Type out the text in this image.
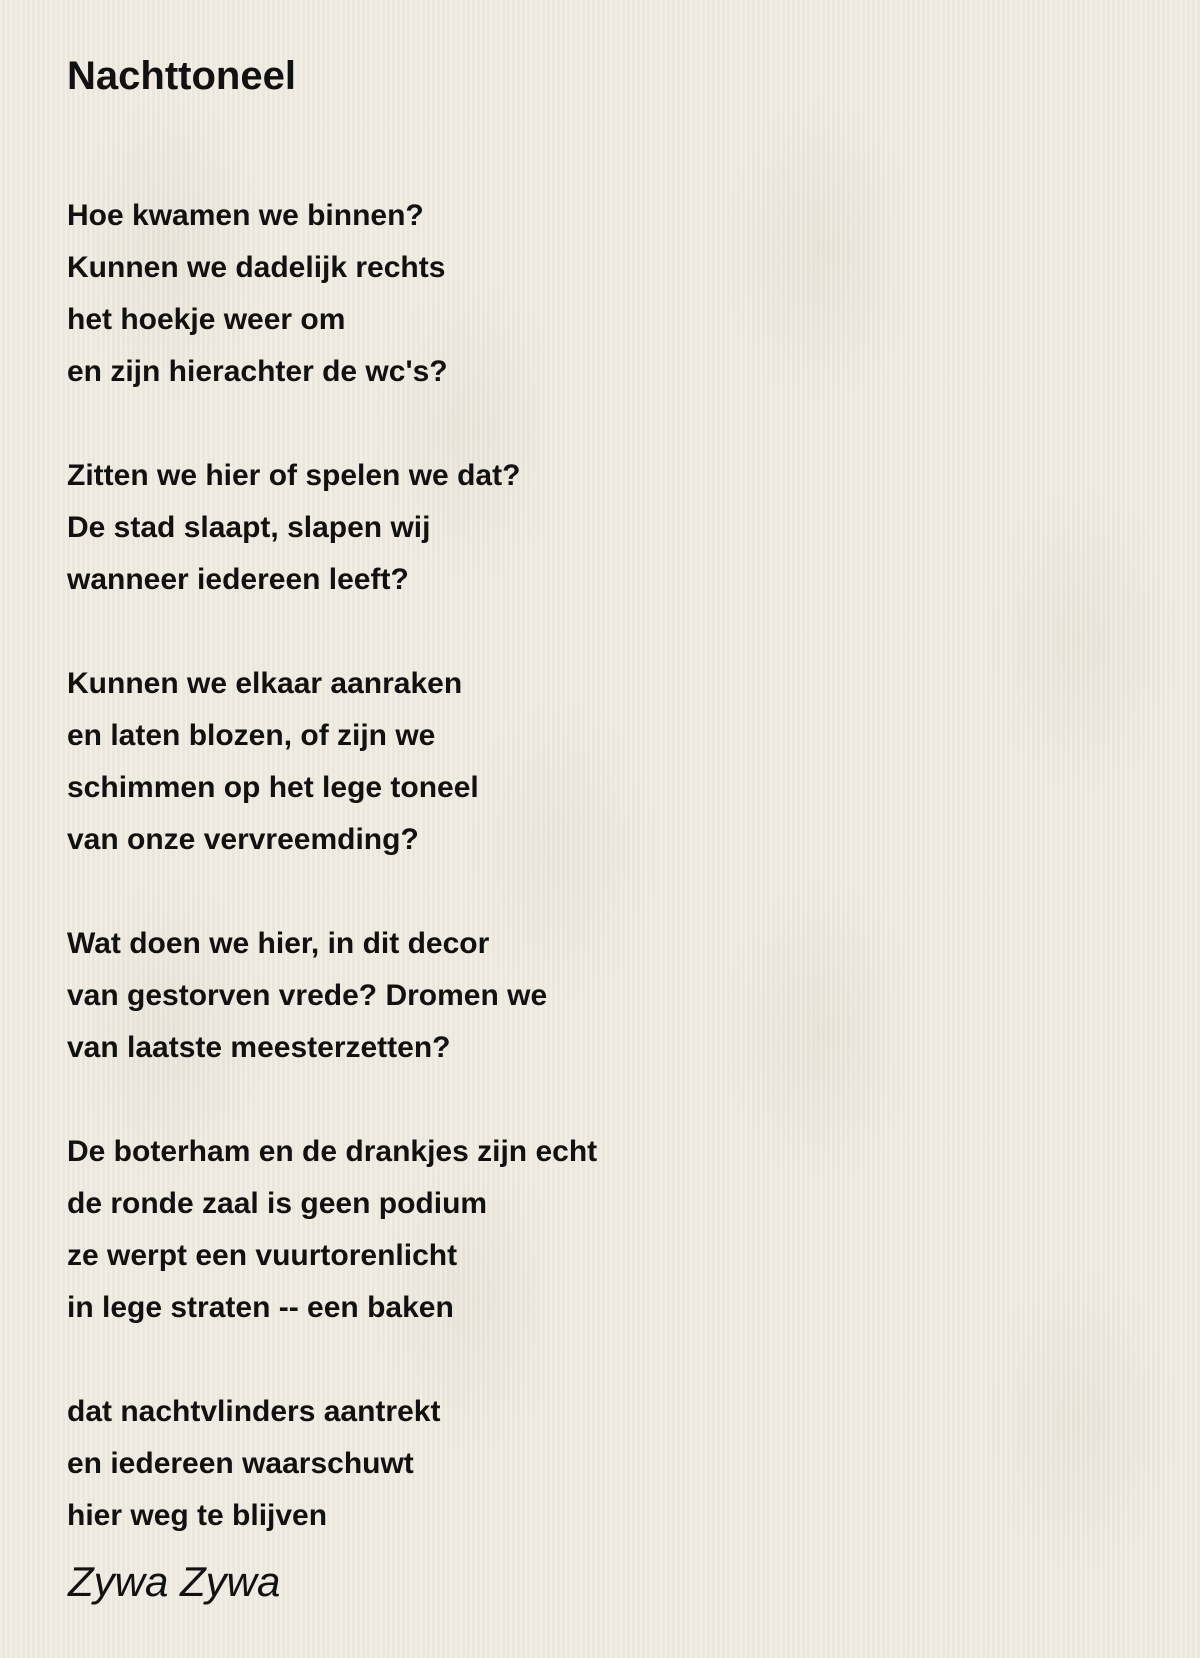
Nachttoneel

Hoe kwamen we binnen?
Kunnen we dadelijk rechts
het hoekje weer om
en zijn hierachter de wc's?

Zitten we hier of spelen we dat?
De stad slaapt, slapen wij
wanneer iedereen leeft?

Kunnen we elkaar aanraken
en laten blozen, of zijn we
schimmen op het lege toneel
van onze vervreemding?

Wat doen we hier, in dit decor
van gestorven vrede? Dromen we
van laatste meesterzetten?

De boterham en de drankjes zijn echt
de ronde zaal is geen podium
ze werpt een vuurtorenlicht
in lege straten -- een baken

dat nachtvlinders aantrekt
en iedereen waarschuwt
hier weg te blijven

Zywa Zywa
